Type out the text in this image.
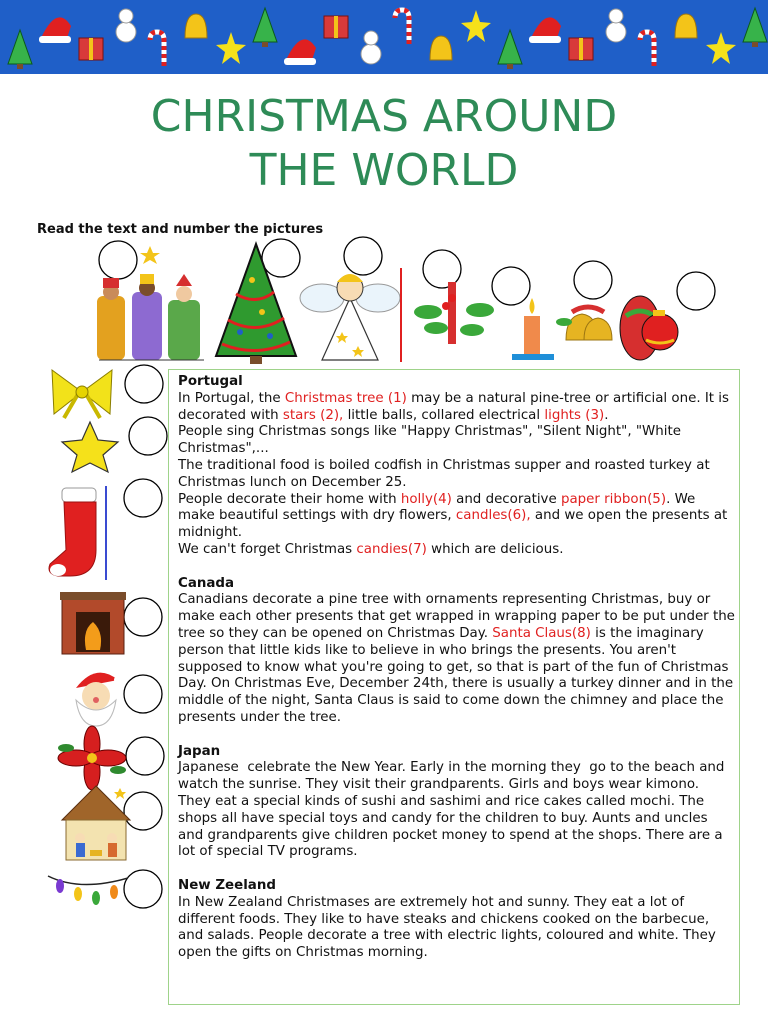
CHRISTMAS AROUND
THE WORLD
Read the text and number the pictures
Portugal

In Portugal, the Christmas tree (1) may be a natural pine-tree or artificial one. It is decorated with stars (2), little balls, collared electrical lights (3).

People sing Christmas songs like "Happy Christmas", "Silent Night", "White Christmas",...

The traditional food is boiled codfish in Christmas supper and roasted turkey at Christmas lunch on December 25.

People decorate their home with holly(4) and decorative paper ribbon(5). We make beautiful settings with dry flowers, candles(6), and we open the presents at midnight.

We can't forget Christmas candies(7) which are delicious.

Canada

Canadians decorate a pine tree with ornaments representing Christmas, buy or make each other presents that get wrapped in wrapping paper to be put under the tree so they can be opened on Christmas Day. Santa Claus(8) is the imaginary person that little kids like to believe in who brings the presents. You aren't supposed to know what you're going to get, so that is part of the fun of Christmas Day. On Christmas Eve, December 24th, there is usually a turkey dinner and in the middle of the night, Santa Claus is said to come down the chimney and place the presents under the tree.

Japan

Japanese  celebrate the New Year. Early in the morning they  go to the beach and watch the sunrise. They visit their grandparents. Girls and boys wear kimono. They eat a special kinds of sushi and sashimi and rice cakes called mochi. The shops all have special toys and candy for the children to buy. Aunts and uncles and grandparents give children pocket money to spend at the shops. There are a lot of special TV programs.

New Zeeland

In New Zealand Christmases are extremely hot and sunny. They eat a lot of different foods. They like to have steaks and chickens cooked on the barbecue, and salads. People decorate a tree with electric lights, coloured and white. They open the gifts on Christmas morning.
